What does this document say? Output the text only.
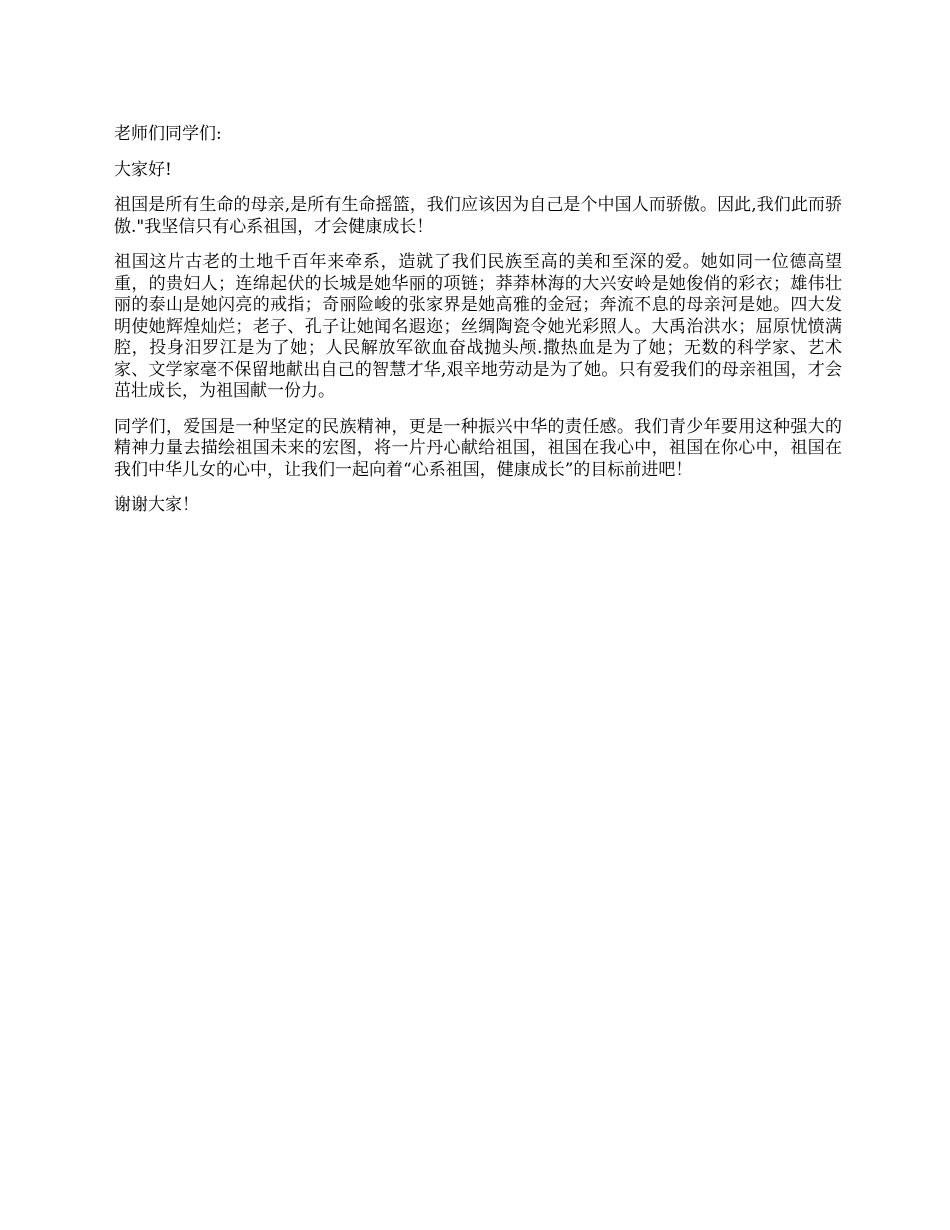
老师们同学们:

大家好!

祖国是所有生命的母亲,是所有生命摇篮，我们应该因为自己是个中国人而骄傲。因此,我们此而骄傲."我坚信只有心系祖国，才会健康成长！

祖国这片古老的土地千百年来牵系，造就了我们民族至高的美和至深的爱。她如同一位德高望重，的贵妇人；连绵起伏的长城是她华丽的项链；莽莽林海的大兴安岭是她俊俏的彩衣；雄伟壮丽的泰山是她闪亮的戒指；奇丽险峻的张家界是她高雅的金冠；奔流不息的母亲河是她。四大发明使她辉煌灿烂；老子、孔子让她闻名遐迩；丝绸陶瓷令她光彩照人。大禹治洪水；屈原忧愤满腔，投身汨罗江是为了她；人民解放军欲血奋战抛头颅.撒热血是为了她；无数的科学家、艺术家、文学家毫不保留地献出自己的智慧才华,艰辛地劳动是为了她。只有爱我们的母亲祖国，才会茁壮成长，为祖国献一份力。

同学们，爱国是一种坚定的民族精神，更是一种振兴中华的责任感。我们青少年要用这种强大的精神力量去描绘祖国未来的宏图，将一片丹心献给祖国，祖国在我心中，祖国在你心中，祖国在我们中华儿女的心中，让我们一起向着“心系祖国，健康成长”的目标前进吧！

谢谢大家！
